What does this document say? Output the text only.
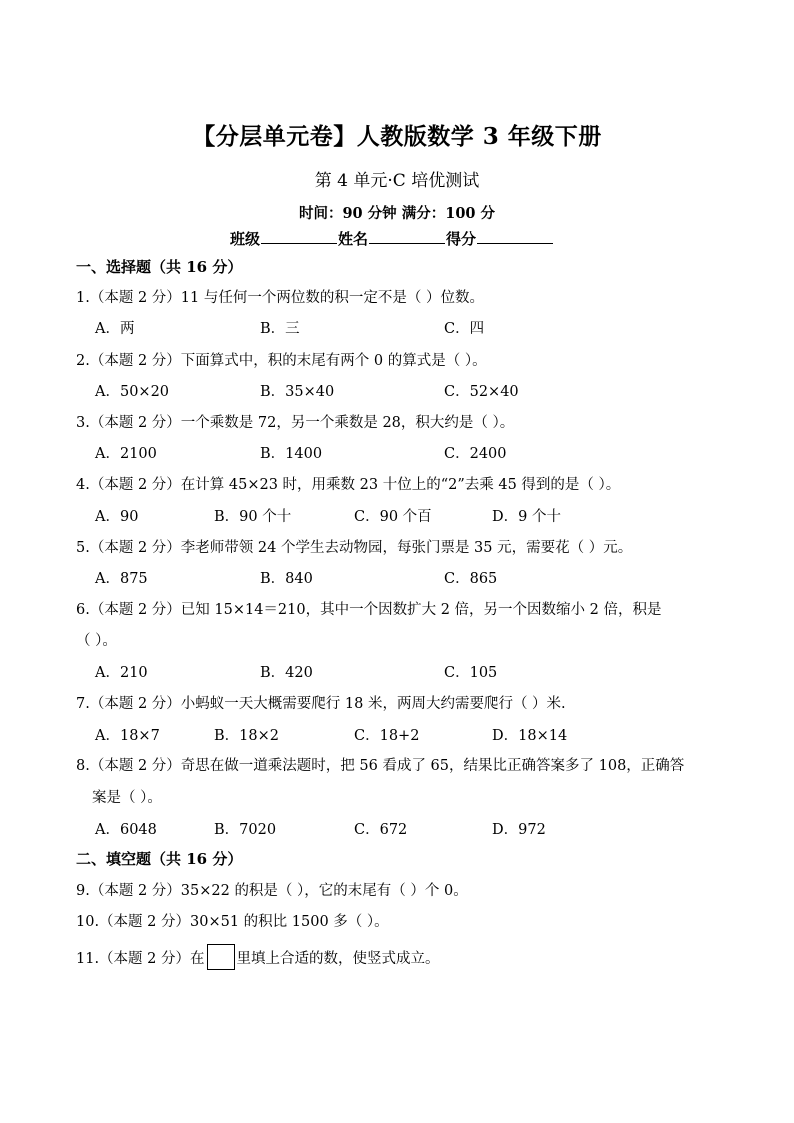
【分层单元卷】人教版数学 3 年级下册
第 4 单元·C 培优测试
时间：90 分钟 满分：100 分
班级	姓名	得分
一、选择题（共 16 分）
1.（本题 2 分）11 与任何一个两位数的积一定不是（ ）位数。
A．两	B．三	C．四
2.（本题 2 分）下面算式中，积的末尾有两个 0 的算式是（ ）。
A．50×20	B．35×40	C．52×40
3.（本题 2 分）一个乘数是 72，另一个乘数是 28，积大约是（ ）。
A．2100	B．1400	C．2400
4.（本题 2 分）在计算 45×23 时，用乘数 23 十位上的“2”去乘 45 得到的是（ ）。
A．90	B．90 个十	C．90 个百	D．9 个十
5.（本题 2 分）李老师带领 24 个学生去动物园，每张门票是 35 元，需要花（ ）元。
A．875	B．840	C．865
6.（本题 2 分）已知 15×14＝210，其中一个因数扩大 2 倍，另一个因数缩小 2 倍，积是
（ ）。
A．210	B．420	C．105
7.（本题 2 分）小蚂蚁一天大概需要爬行 18 米，两周大约需要爬行（ ）米.
A．18×7	B．18×2	C．18+2	D．18×14
8.（本题 2 分）奇思在做一道乘法题时，把 56 看成了 65，结果比正确答案多了 108，正确答
案是（ ）。
A．6048	B．7020	C．672	D．972
二、填空题（共 16 分）
9.（本题 2 分）35×22 的积是（ ），它的末尾有（ ）个 0。
10.（本题 2 分）30×51 的积比 1500 多（ ）。
11.（本题 2 分）在 里填上合适的数，使竖式成立。
